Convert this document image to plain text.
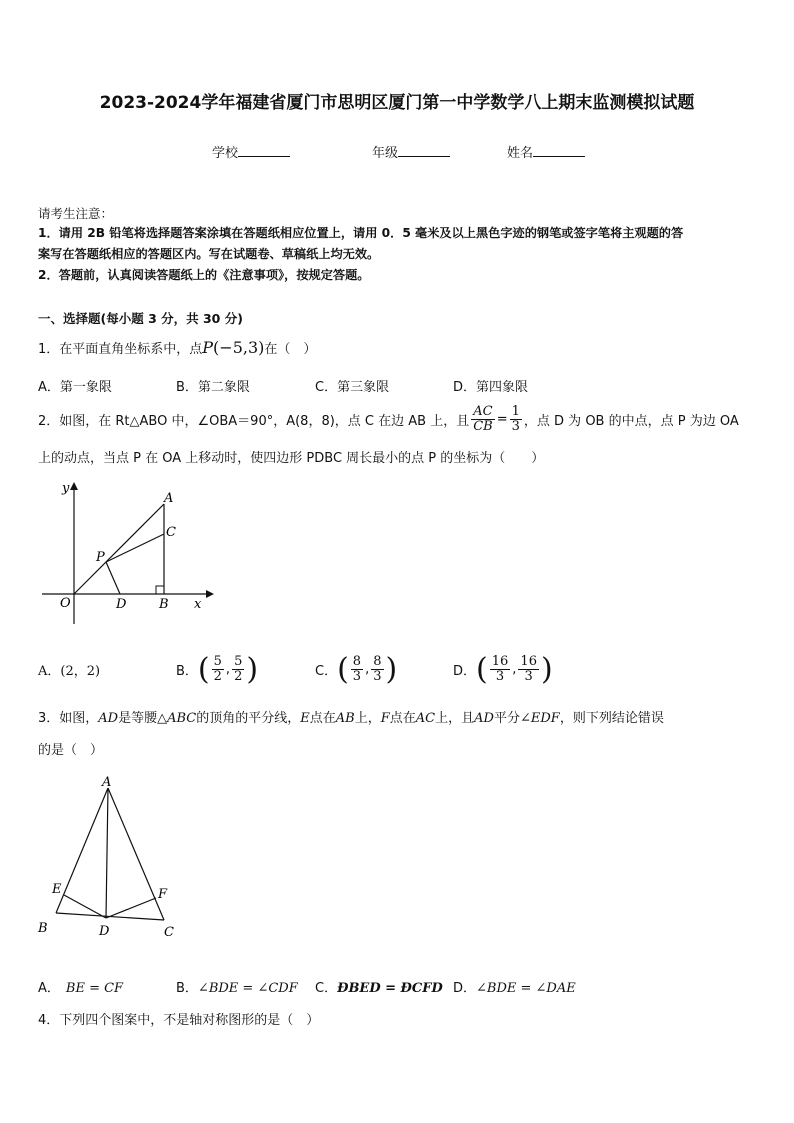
2023-2024学年福建省厦门市思明区厦门第一中学数学八上期末监测模拟试题
学校	年级	姓名
请考生注意：
1．请用 2B 铅笔将选择题答案涂填在答题纸相应位置上，请用 0．5 毫米及以上黑色字迹的钢笔或签字笔将主观题的答
案写在答题纸相应的答题区内。写在试题卷、草稿纸上均无效。
2．答题前，认真阅读答题纸上的《注意事项》，按规定答题。
一、选择题(每小题 3 分，共 30 分)
1．在平面直角坐标系中，点P(−5,3)在（　）
A．第一象限	B．第二象限	C．第三象限	D．第四象限
2．如图，在 Rt△ABO 中，∠OBA＝90°，A(8，8)，点 C 在边 AB 上，且 $\frac{AC}{CB} = \frac{1}{3}$ ，点 D 为 OB 的中点，点 P 为边 OA
上的动点，当点 P 在 OA 上移动时，使四边形 PDBC 周长最小的点 P 的坐标为（　　）
y
x
O
A
B
C
D
P
A．(2，2)	B． ( $\frac{5}{2}$ , $\frac{5}{2}$ )	C． ( $\frac{8}{3}$ , $\frac{8}{3}$ )	D． ( $\frac{16}{3}$ , $\frac{16}{3}$ )
3．如图，AD是等腰△ABC的顶角的平分线，E点在AB上，F点在AC上，且AD平分∠EDF，则下列结论错误
的是（　）
A
B	C
D
E	F
A． BE = CF	B．∠BDE = ∠CDF C．ĐBED = ĐCFD D．∠BDE = ∠DAE
4．下列四个图案中，不是轴对称图形的是（　）
